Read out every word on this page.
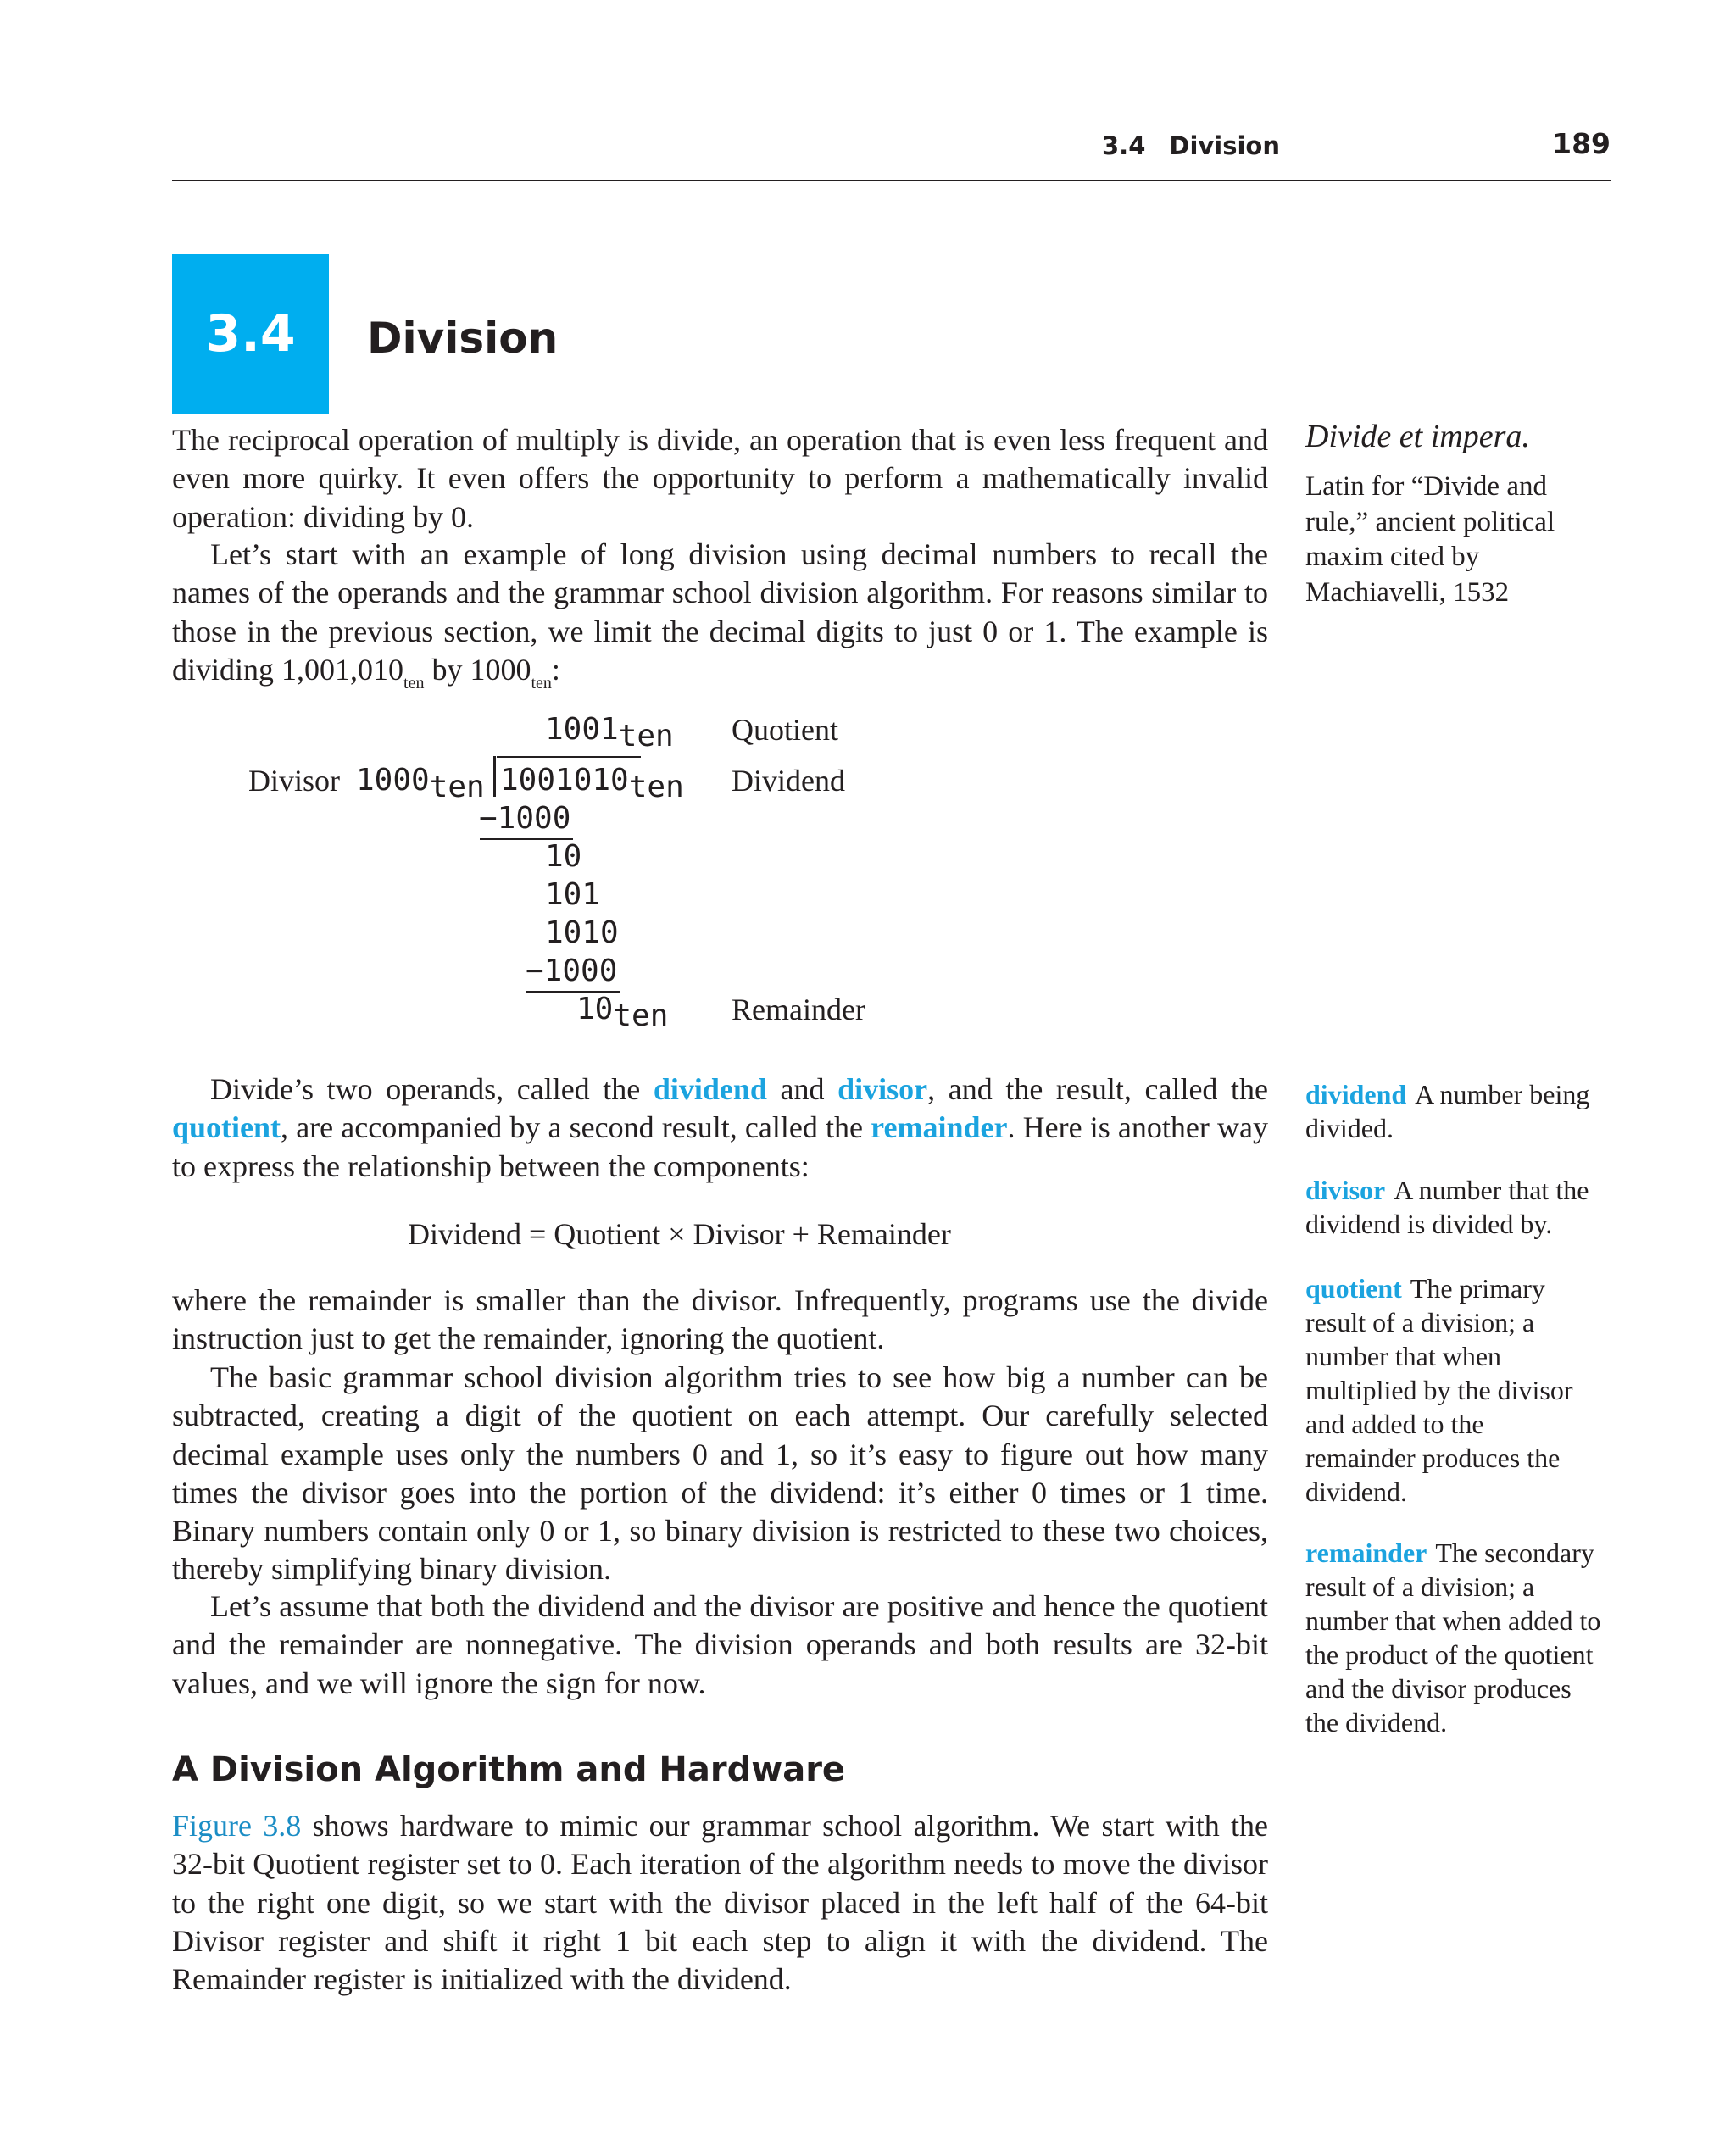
3.4 Division	189
3.4	Division

The reciprocal operation of multiply is divide, an operation that is even less frequent and even more quirky. It even offers the opportunity to perform a mathematically invalid operation: dividing by 0.

Let’s start with an example of long division using decimal numbers to recall the names of the operands and the grammar school division algorithm. For reasons similar to those in the previous section, we limit the decimal digits to just 0 or 1. The example is dividing $1,001,010_{ten}$ by $1000_{ten}$:

Divide et impera.

Latin for “Divide and rule,” ancient political maxim cited by Machiavelli, 1532

1001ten Quotient
Divisor 1000ten 1001010ten Dividend
−1000
10
101
1010
−1000
10ten Remainder

Divide’s two operands, called the dividend and divisor, and the result, called the quotient, are accompanied by a second result, called the remainder. Here is another way to express the relationship between the components:

Dividend = Quotient × Divisor + Remainder

where the remainder is smaller than the divisor. Infrequently, programs use the divide instruction just to get the remainder, ignoring the quotient.

The basic grammar school division algorithm tries to see how big a number can be subtracted, creating a digit of the quotient on each attempt. Our carefully selected decimal example uses only the numbers 0 and 1, so it’s easy to figure out how many times the divisor goes into the portion of the dividend: it’s either 0 times or 1 time. Binary numbers contain only 0 or 1, so binary division is restricted to these two choices, thereby simplifying binary division.

Let’s assume that both the dividend and the divisor are positive and hence the quotient and the remainder are nonnegative. The division operands and both results are 32-bit values, and we will ignore the sign for now.

A Division Algorithm and Hardware

Figure 3.8 shows hardware to mimic our grammar school algorithm. We start with the 32-bit Quotient register set to 0. Each iteration of the algorithm needs to move the divisor to the right one digit, so we start with the divisor placed in the left half of the 64-bit Divisor register and shift it right 1 bit each step to align it with the dividend. The Remainder register is initialized with the dividend.

dividend A number being divided.

divisor A number that the dividend is divided by.

quotient The primary result of a division; a number that when multiplied by the divisor and added to the remainder produces the dividend.

remainder The secondary result of a division; a number that when added to the product of the quotient and the divisor produces the dividend.
